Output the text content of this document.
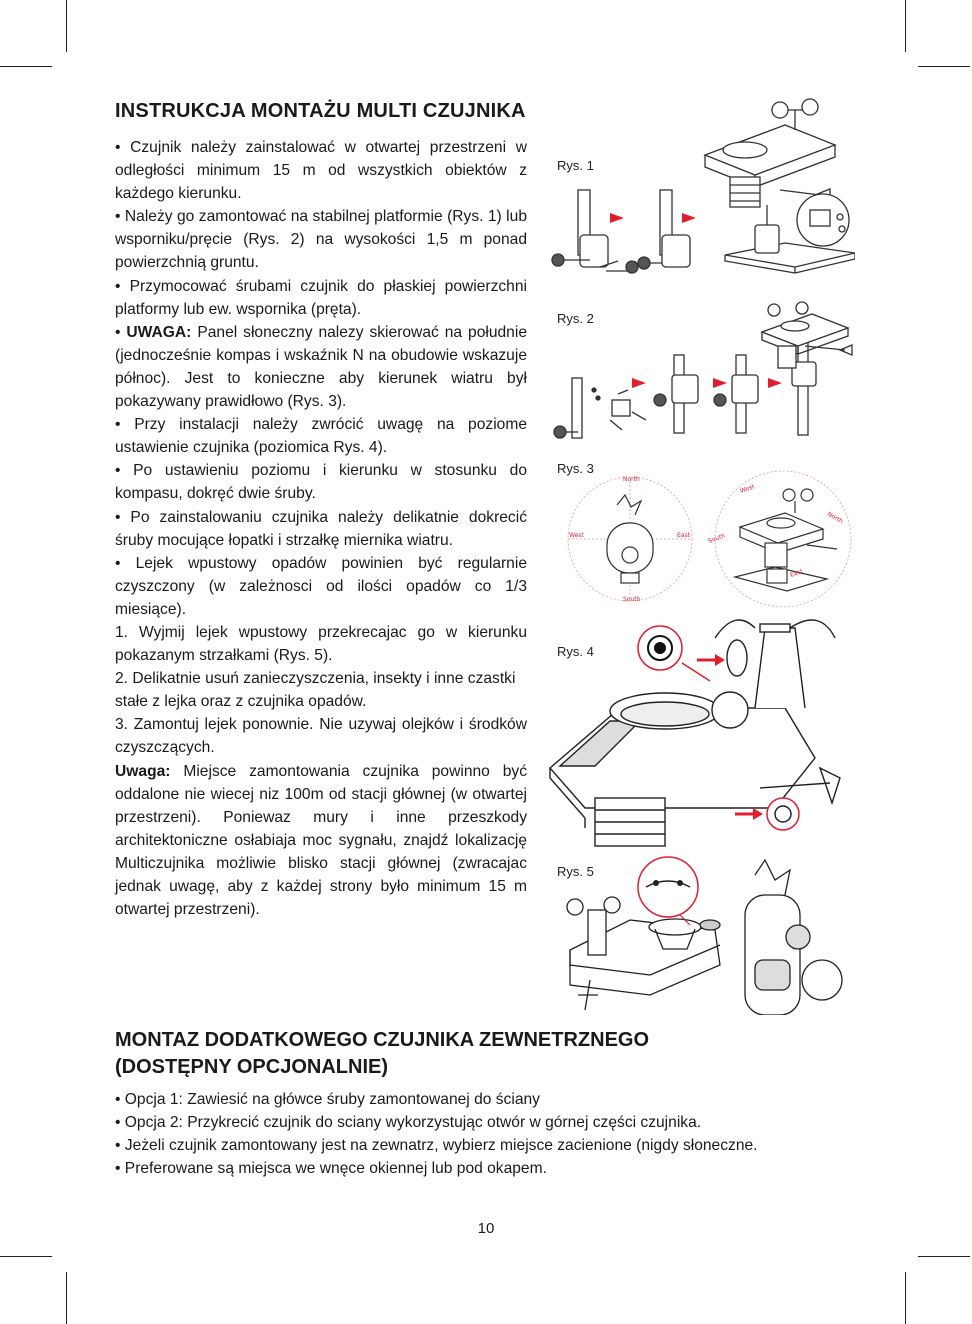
INSTRUKCJA MONTAŻU MULTI CZUJNIKA

• Czujnik należy zainstalować w otwartej przestrzeni w odległości minimum 15 m od wszystkich obiektów z każdego kierunku.

• Należy go zamontować na stabilnej platformie (Rys. 1) lub wsporniku/pręcie (Rys. 2) na wysokości 1,5 m ponad powierzchnią gruntu.

• Przymocować śrubami czujnik do płaskiej powierzchni platformy lub ew. wspornika (pręta).

• UWAGA: Panel słoneczny nalezy skierować na południe (jednocześnie kompas i wskaźnik N na obudowie wskazuje północ). Jest to konieczne aby kierunek wiatru był pokazywany prawidłowo (Rys. 3).

• Przy instalacji należy zwrócić uwagę na poziome ustawienie czujnika (poziomica Rys. 4).

• Po ustawieniu poziomu i kierunku w stosunku do kompasu, dokręć dwie śruby.

• Po zainstalowaniu czujnika należy delikatnie dokrecić śruby mocujące łopatki i strzałkę miernika wiatru.

• Lejek wpustowy opadów powinien być regularnie czyszczony (w zależnosci od ilości opadów co 1/3 miesiące).

1. Wyjmij lejek wpustowy przekrecajac go w kierunku pokazanym strzałkami (Rys. 5).

2. Delikatnie usuń zanieczyszczenia, insekty i inne czastki stałe z lejka oraz z czujnika opadów.

3. Zamontuj lejek ponownie. Nie uzywaj olejków i środków czyszczących.

Uwaga: Miejsce zamontowania czujnika powinno być oddalone nie wiecej niz 100m od stacji głównej (w otwartej przestrzeni). Poniewaz mury i inne przeszkody architektoniczne osłabiaja moc sygnału, znajdź lokalizację Multiczujnika możliwie blisko stacji głównej (zwracajac jednak uwagę, aby z każdej strony było minimum 15 m otwartej przestrzeni).

Rys. 1
Rys. 2
Rys. 3
Rys. 4
Rys. 5
North
South
West	East
West
North
South
East
MONTAZ DODATKOWEGO CZUJNIKA ZEWNETRZNEGO
(DOSTĘPNY OPCJONALNIE)

• Opcja 1: Zawiesić na główce śruby zamontowanej do ściany

• Opcja 2: Przykrecić czujnik do sciany wykorzystując otwór w górnej części czujnika.

• Jeżeli czujnik zamontowany jest na zewnatrz, wybierz miejsce zacienione (nigdy słoneczne.

• Preferowane są miejsca we wnęce okiennej lub pod okapem.

10
